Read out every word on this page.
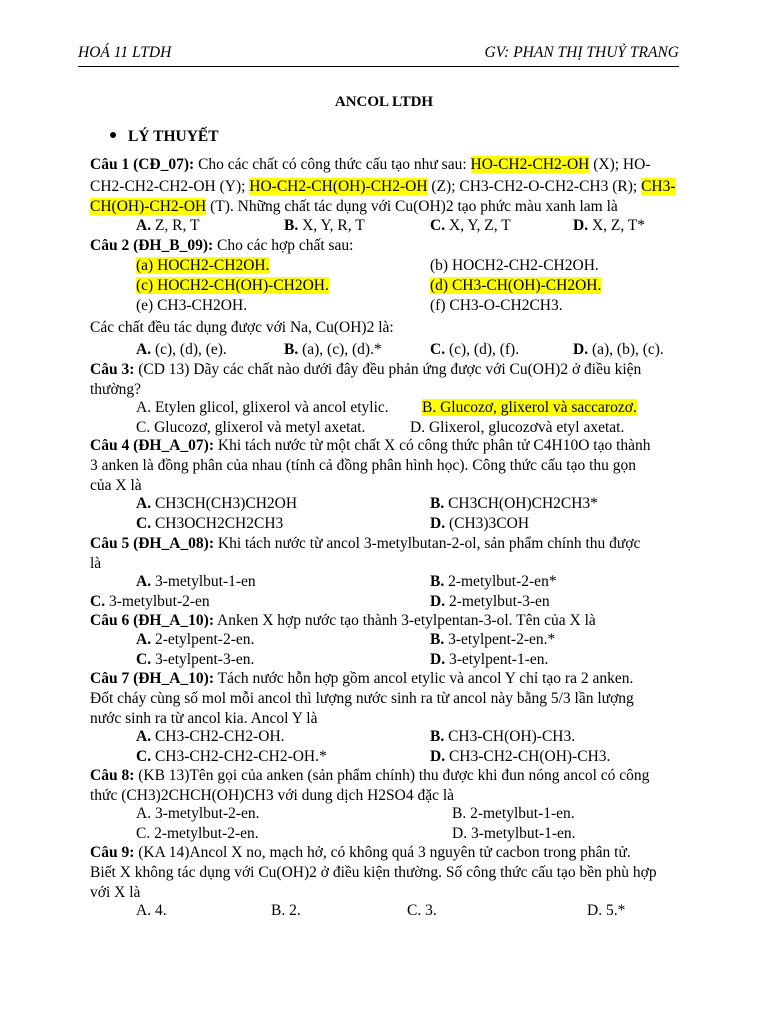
HOÁ 11 LTDH	GV: PHAN THỊ THUỶ TRANG
ANCOL LTDH
LÝ THUYẾT
Câu 1 (CĐ_07): Cho các chất có công thức cấu tạo như sau: HO-CH2-CH2-OH (X); HO-
CH2-CH2-CH2-OH (Y); HO-CH2-CH(OH)-CH2-OH (Z); CH3-CH2-O-CH2-CH3 (R); CH3-
CH(OH)-CH2-OH (T). Những chất tác dụng với Cu(OH)2 tạo phức màu xanh lam là
A. Z, R, T	B. X, Y, R, T	C. X, Y, Z, T	D. X, Z, T*
Câu 2 (ĐH_B_09): Cho các hợp chất sau:
(a) HOCH2-CH2OH.	(b) HOCH2-CH2-CH2OH.
(c) HOCH2-CH(OH)-CH2OH.	(d) CH3-CH(OH)-CH2OH.
(e) CH3-CH2OH.	(f) CH3-O-CH2CH3.
Các chất đều tác dụng được với Na, Cu(OH)2 là:
A. (c), (d), (e).	B. (a), (c), (d).*	C. (c), (d), (f).	D. (a), (b), (c).
Câu 3: (CD 13) Dãy các chất nào dưới đây đều phản ứng được với Cu(OH)2 ở điều kiện
thường?
A. Etylen glicol, glixerol và ancol etylic. B. Glucozơ, glixerol và saccarozơ.
C. Glucozơ, glixerol và metyl axetat.	D. Glixerol, glucozơvà etyl axetat.
Câu 4 (ĐH_A_07): Khi tách nước từ một chất X có công thức phân tử C4H10O tạo thành
3 anken là đồng phân của nhau (tính cả đồng phân hình học). Công thức cấu tạo thu gọn
của X là
A. CH3CH(CH3)CH2OH	B. CH3CH(OH)CH2CH3*
C. CH3OCH2CH2CH3	D. (CH3)3COH
Câu 5 (ĐH_A_08): Khi tách nước từ ancol 3-metylbutan-2-ol, sản phẩm chính thu được
là
A. 3-metylbut-1-en	B. 2-metylbut-2-en*
C. 3-metylbut-2-en	D. 2-metylbut-3-en
Câu 6 (ĐH_A_10): Anken X hợp nước tạo thành 3-etylpentan-3-ol. Tên của X là
A. 2-etylpent-2-en.	B. 3-etylpent-2-en.*
C. 3-etylpent-3-en.	D. 3-etylpent-1-en.
Câu 7 (ĐH_A_10): Tách nước hỗn hợp gồm ancol etylic và ancol Y chỉ tạo ra 2 anken.
Đốt cháy cùng số mol mỗi ancol thì lượng nước sinh ra từ ancol này bằng 5/3 lần lượng
nước sinh ra từ ancol kia. Ancol Y là
A. CH3-CH2-CH2-OH.	B. CH3-CH(OH)-CH3.
C. CH3-CH2-CH2-CH2-OH.*	D. CH3-CH2-CH(OH)-CH3.
Câu 8: (KB 13)Tên gọi của anken (sản phẩm chính) thu được khi đun nóng ancol có công
thức (CH3)2CHCH(OH)CH3 với dung dịch H2SO4 đặc là
A. 3-metylbut-2-en.	B. 2-metylbut-1-en.
C. 2-metylbut-2-en.	D. 3-metylbut-1-en.
Câu 9: (KA 14)Ancol X no, mạch hở, có không quá 3 nguyên tử cacbon trong phân tử.
Biết X không tác dụng với Cu(OH)2 ở điều kiện thường. Số công thức cấu tạo bền phù hợp
với X là
A. 4.	B. 2.	C. 3.	D. 5.*
